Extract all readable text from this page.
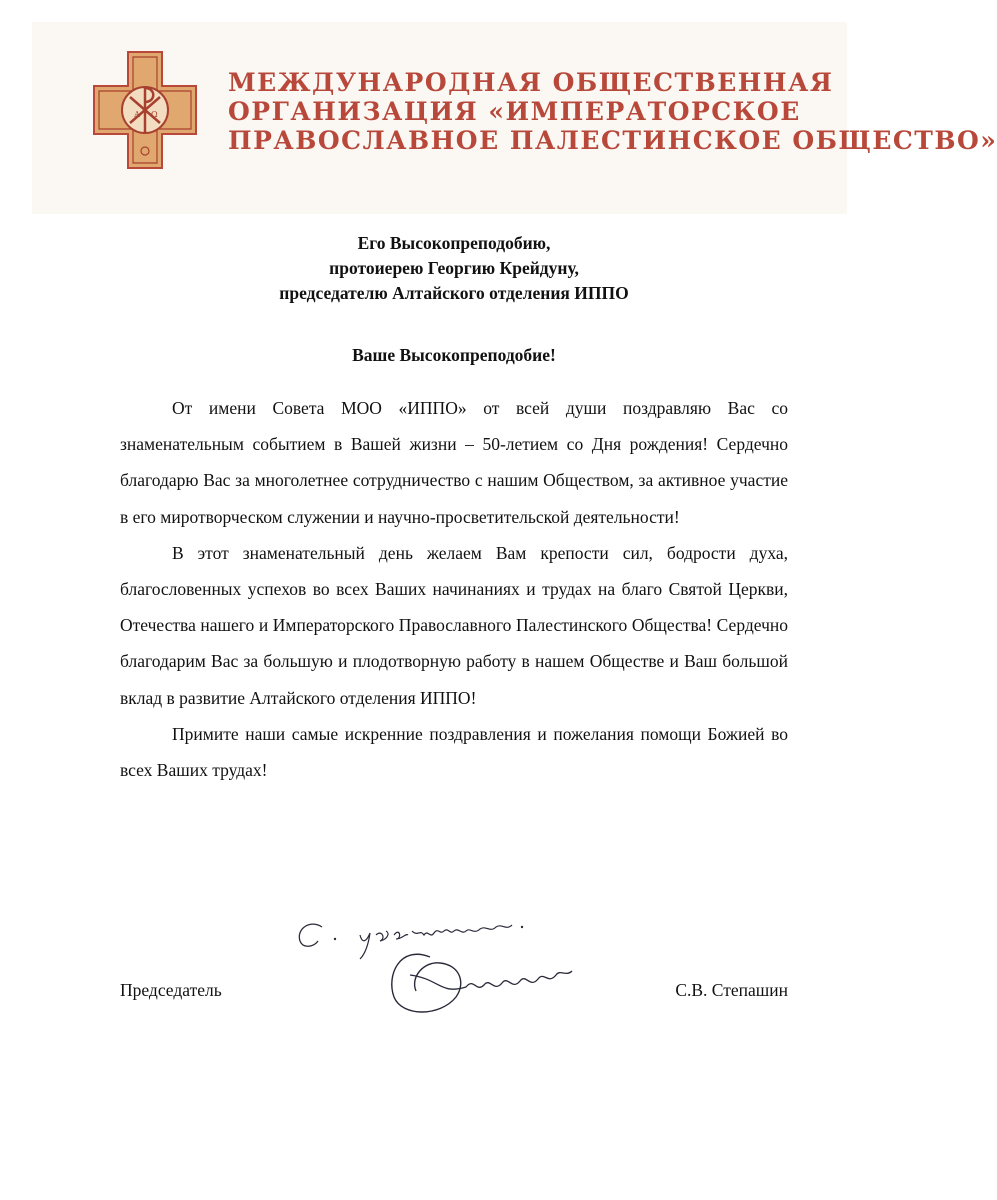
А Ω
МЕЖДУНАРОДНАЯ ОБЩЕСТВЕННАЯ
ОРГАНИЗАЦИЯ «ИМПЕРАТОРСКОЕ
ПРАВОСЛАВНОЕ ПАЛЕСТИНСКОЕ ОБЩЕСТВО»
Его Высокопреподобию,
протоиерею Георгию Крейдуну,
председателю Алтайского отделения ИППО
Ваше Высокопреподобие!

От имени Совета МОО «ИППО» от всей души поздравляю Вас со знаменательным событием в Вашей жизни – 50-летием со Дня рождения! Сердечно благодарю Вас за многолетнее сотрудничество с нашим Обществом, за активное участие в его миротворческом служении и научно-просветительской деятельности!

В этот знаменательный день желаем Вам крепости сил, бодрости духа, благословенных успехов во всех Ваших начинаниях и трудах на благо Святой Церкви, Отечества нашего и Императорского Православного Палестинского Общества! Сердечно благодарим Вас за большую и плодотворную работу в нашем Обществе и Ваш большой вклад в развитие Алтайского отделения ИППО!

Примите наши самые искренние поздравления и пожелания помощи Божией во всех Ваших трудах!

Председатель	С.В. Степашин
